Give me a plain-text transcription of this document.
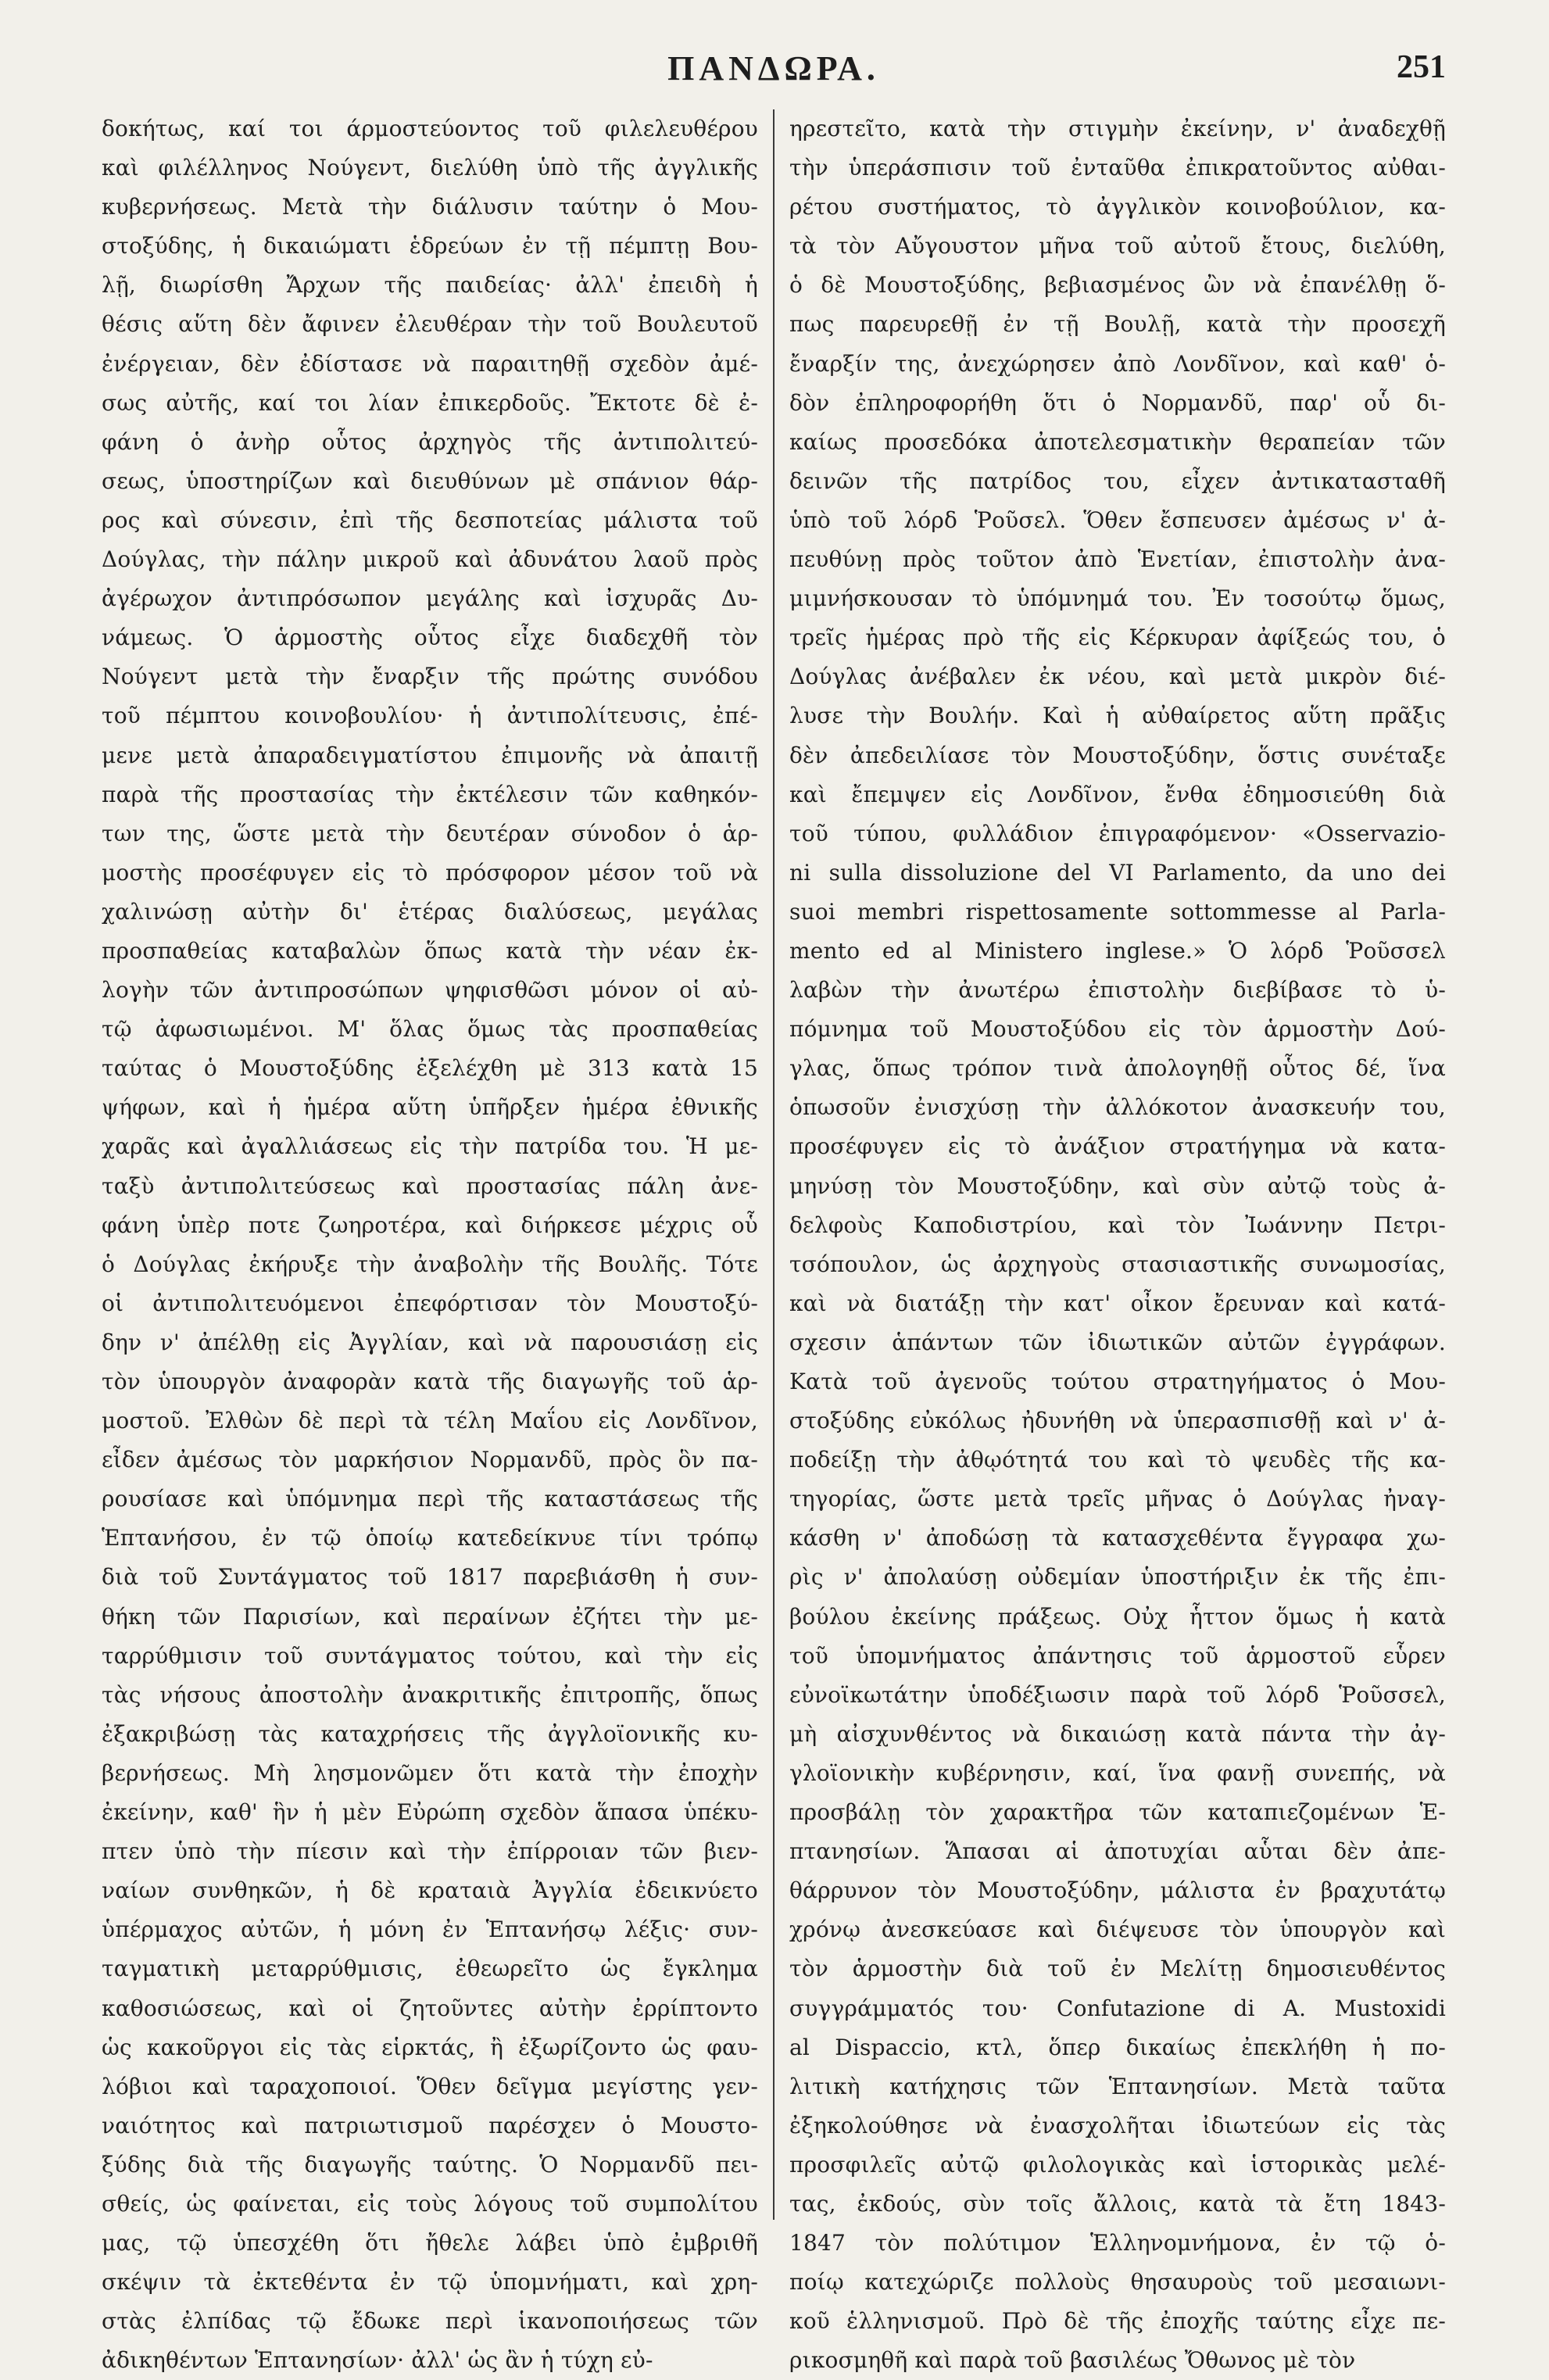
ΠΑΝΔΩΡΑ.	251
δοκήτως, καί τοι άρμοστεύοντος τοῦ φιλελευθέρου
καὶ φιλέλληνος Νούγεντ, διελύθη ὑπὸ τῆς ἀγγλικῆς
κυβερνήσεως. Μετὰ τὴν διάλυσιν ταύτην ὁ Μου-
στοξύδης, ἡ δικαιώματι ἑδρεύων ἐν τῇ πέμπτῃ Βου-
λῇ, διωρίσθη Ἄρχων τῆς παιδείας· ἀλλ' ἐπειδὴ ἡ
θέσις αὕτη δὲν ἄφινεν ἐλευθέραν τὴν τοῦ Βουλευτοῦ
ἐνέργειαν, δὲν ἐδίστασε νὰ παραιτηθῇ σχεδὸν ἀμέ-
σως αὐτῆς, καί τοι λίαν ἐπικερδοῦς. Ἔκτοτε δὲ ἐ-
φάνη ὁ ἀνὴρ οὗτος ἀρχηγὸς τῆς ἀντιπολιτεύ-
σεως, ὑποστηρίζων καὶ διευθύνων μὲ σπάνιον θάρ-
ρος καὶ σύνεσιν, ἐπὶ τῆς δεσποτείας μάλιστα τοῦ
Δούγλας, τὴν πάλην μικροῦ καὶ ἀδυνάτου λαοῦ πρὸς
ἀγέρωχον ἀντιπρόσωπον μεγάλης καὶ ἰσχυρᾶς Δυ-
νάμεως. Ὁ ἁρμοστὴς οὗτος εἶχε διαδεχθῆ τὸν
Νούγεντ μετὰ τὴν ἔναρξιν τῆς πρώτης συνόδου
τοῦ πέμπτου κοινοβουλίου· ἡ ἀντιπολίτευσις, ἐπέ-
μενε μετὰ ἀπαραδειγματίστου ἐπιμονῆς νὰ ἀπαιτῇ
παρὰ τῆς προστασίας τὴν ἐκτέλεσιν τῶν καθηκόν-
των της, ὥστε μετὰ τὴν δευτέραν σύνοδον ὁ ἁρ-
μοστὴς προσέφυγεν εἰς τὸ πρόσφορον μέσον τοῦ νὰ
χαλινώσῃ αὐτὴν δι' ἑτέρας διαλύσεως, μεγάλας
προσπαθείας καταβαλὼν ὅπως κατὰ τὴν νέαν ἐκ-
λογὴν τῶν ἀντιπροσώπων ψηφισθῶσι μόνον οἱ αὐ-
τῷ ἀφωσιωμένοι. Μ' ὅλας ὅμως τὰς προσπαθείας
ταύτας ὁ Μουστοξύδης ἐξελέχθη μὲ 313 κατὰ 15
ψήφων, καὶ ἡ ἡμέρα αὕτη ὑπῆρξεν ἡμέρα ἐθνικῆς
χαρᾶς καὶ ἀγαλλιάσεως εἰς τὴν πατρίδα του. Ἡ με-
ταξὺ ἀντιπολιτεύσεως καὶ προστασίας πάλη ἀνε-
φάνη ὑπὲρ ποτε ζωηροτέρα, καὶ διήρκεσε μέχρις οὗ
ὁ Δούγλας ἐκήρυξε τὴν ἀναβολὴν τῆς Βουλῆς. Τότε
οἱ ἀντιπολιτευόμενοι ἐπεφόρτισαν τὸν Μουστοξύ-
δην ν' ἀπέλθῃ εἰς Ἀγγλίαν, καὶ νὰ παρουσιάσῃ εἰς
τὸν ὑπουργὸν ἀναφορὰν κατὰ τῆς διαγωγῆς τοῦ ἁρ-
μοστοῦ. Ἐλθὼν δὲ περὶ τὰ τέλη Μαΐου εἰς Λονδῖνον,
εἶδεν ἀμέσως τὸν μαρκήσιον Νορμανδῦ, πρὸς ὃν πα-
ρουσίασε καὶ ὑπόμνημα περὶ τῆς καταστάσεως τῆς
Ἑπτανήσου, ἐν τῷ ὁποίῳ κατεδείκνυε τίνι τρόπῳ
διὰ τοῦ Συντάγματος τοῦ 1817 παρεβιάσθη ἡ συν-
θήκη τῶν Παρισίων, καὶ περαίνων ἐζήτει τὴν με-
ταρρύθμισιν τοῦ συντάγματος τούτου, καὶ τὴν εἰς
τὰς νήσους ἀποστολὴν ἀνακριτικῆς ἐπιτροπῆς, ὅπως
ἐξακριβώσῃ τὰς καταχρήσεις τῆς ἀγγλοϊονικῆς κυ-
βερνήσεως. Μὴ λησμονῶμεν ὅτι κατὰ τὴν ἐποχὴν
ἐκείνην, καθ' ἣν ἡ μὲν Εὐρώπη σχεδὸν ἅπασα ὑπέκυ-
πτεν ὑπὸ τὴν πίεσιν καὶ τὴν ἐπίρροιαν τῶν βιεν-
ναίων συνθηκῶν, ἡ δὲ κραταιὰ Ἀγγλία ἐδεικνύετο
ὑπέρμαχος αὐτῶν, ἡ μόνη ἐν Ἑπτανήσῳ λέξις· συν-
ταγματικὴ μεταρρύθμισις, ἐθεωρεῖτο ὡς ἔγκλημα
καθοσιώσεως, καὶ οἱ ζητοῦντες αὐτὴν ἐρρίπτοντο
ὡς κακοῦργοι εἰς τὰς εἱρκτάς, ἢ ἐξωρίζοντο ὡς φαυ-
λόβιοι καὶ ταραχοποιοί. Ὅθεν δεῖγμα μεγίστης γεν-
ναιότητος καὶ πατριωτισμοῦ παρέσχεν ὁ Μουστο-
ξύδης διὰ τῆς διαγωγῆς ταύτης. Ὁ Νορμανδῦ πει-
σθείς, ὡς φαίνεται, εἰς τοὺς λόγους τοῦ συμπολίτου
μας, τῷ ὑπεσχέθη ὅτι ἤθελε λάβει ὑπὸ ἐμβριθῆ
σκέψιν τὰ ἐκτεθέντα ἐν τῷ ὑπομνήματι, καὶ χρη-
στὰς ἐλπίδας τῷ ἔδωκε περὶ ἱκανοποιήσεως τῶν
ἀδικηθέντων Ἑπτανησίων· ἀλλ' ὡς ἂν ἡ τύχη εὐ-
ηρεστεῖτο, κατὰ τὴν στιγμὴν ἐκείνην, ν' ἀναδεχθῇ
τὴν ὑπεράσπισιν τοῦ ἐνταῦθα ἐπικρατοῦντος αὐθαι-
ρέτου συστήματος, τὸ ἀγγλικὸν κοινοβούλιον, κα-
τὰ τὸν Αὔγουστον μῆνα τοῦ αὐτοῦ ἔτους, διελύθη,
ὁ δὲ Μουστοξύδης, βεβιασμένος ὢν νὰ ἐπανέλθῃ ὅ-
πως παρευρεθῇ ἐν τῇ Βουλῇ, κατὰ τὴν προσεχῆ
ἔναρξίν της, ἀνεχώρησεν ἀπὸ Λονδῖνον, καὶ καθ' ὁ-
δὸν ἐπληροφορήθη ὅτι ὁ Νορμανδῦ, παρ' οὗ δι-
καίως προσεδόκα ἀποτελεσματικὴν θεραπείαν τῶν
δεινῶν τῆς πατρίδος του, εἶχεν ἀντικατασταθῆ
ὑπὸ τοῦ λόρδ Ῥοῦσελ. Ὅθεν ἔσπευσεν ἀμέσως ν' ἀ-
πευθύνῃ πρὸς τοῦτον ἀπὸ Ἑνετίαν, ἐπιστολὴν ἀνα-
μιμνήσκουσαν τὸ ὑπόμνημά του. Ἐν τοσούτῳ ὅμως,
τρεῖς ἡμέρας πρὸ τῆς εἰς Κέρκυραν ἀφίξεώς του, ὁ
Δούγλας ἀνέβαλεν ἐκ νέου, καὶ μετὰ μικρὸν διέ-
λυσε τὴν Βουλήν. Καὶ ἡ αὐθαίρετος αὕτη πρᾶξις
δὲν ἀπεδειλίασε τὸν Μουστοξύδην, ὅστις συνέταξε
καὶ ἔπεμψεν εἰς Λονδῖνον, ἔνθα ἐδημοσιεύθη διὰ
τοῦ τύπου, φυλλάδιον ἐπιγραφόμενον· «Osservazio-
ni sulla dissoluzione del VI Parlamento, da uno dei
suoi membri rispettosamente sottommesse al Parla-
mento ed al Ministero inglese.» Ὁ λόρδ Ῥοῦσσελ
λαβὼν τὴν ἀνωτέρω ἐπιστολὴν διεβίβασε τὸ ὑ-
πόμνημα τοῦ Μουστοξύδου εἰς τὸν ἁρμοστὴν Δού-
γλας, ὅπως τρόπον τινὰ ἀπολογηθῇ οὗτος δέ, ἵνα
ὁπωσοῦν ἐνισχύσῃ τὴν ἀλλόκοτον ἀνασκευήν του,
προσέφυγεν εἰς τὸ ἀνάξιον στρατήγημα νὰ κατα-
μηνύσῃ τὸν Μουστοξύδην, καὶ σὺν αὐτῷ τοὺς ἀ-
δελφοὺς Καποδιστρίου, καὶ τὸν Ἰωάννην Πετρι-
τσόπουλον, ὡς ἀρχηγοὺς στασιαστικῆς συνωμοσίας,
καὶ νὰ διατάξῃ τὴν κατ' οἶκον ἔρευναν καὶ κατά-
σχεσιν ἁπάντων τῶν ἰδιωτικῶν αὐτῶν ἐγγράφων.
Κατὰ τοῦ ἀγενοῦς τούτου στρατηγήματος ὁ Μου-
στοξύδης εὐκόλως ἠδυνήθη νὰ ὑπερασπισθῇ καὶ ν' ἀ-
ποδείξῃ τὴν ἀθῳότητά του καὶ τὸ ψευδὲς τῆς κα-
τηγορίας, ὥστε μετὰ τρεῖς μῆνας ὁ Δούγλας ἠναγ-
κάσθη ν' ἀποδώσῃ τὰ κατασχεθέντα ἔγγραφα χω-
ρὶς ν' ἀπολαύσῃ οὐδεμίαν ὑποστήριξιν ἐκ τῆς ἐπι-
βούλου ἐκείνης πράξεως. Οὐχ ἧττον ὅμως ἡ κατὰ
τοῦ ὑπομνήματος ἀπάντησις τοῦ ἁρμοστοῦ εὗρεν
εὐνοϊκωτάτην ὑποδέξιωσιν παρὰ τοῦ λόρδ Ῥοῦσσελ,
μὴ αἰσχυνθέντος νὰ δικαιώσῃ κατὰ πάντα τὴν ἀγ-
γλοϊονικὴν κυβέρνησιν, καί, ἵνα φανῇ συνεπής, νὰ
προσβάλῃ τὸν χαρακτῆρα τῶν καταπιεζομένων Ἑ-
πτανησίων. Ἅπασαι αἱ ἀποτυχίαι αὗται δὲν ἀπε-
θάρρυνον τὸν Μουστοξύδην, μάλιστα ἐν βραχυτάτῳ
χρόνῳ ἀνεσκεύασε καὶ διέψευσε τὸν ὑπουργὸν καὶ
τὸν ἁρμοστὴν διὰ τοῦ ἐν Μελίτῃ δημοσιευθέντος
συγγράμματός του· Confutazione di A. Mustoxidi
al Dispaccio, κτλ, ὅπερ δικαίως ἐπεκλήθη ἡ πο-
λιτικὴ κατήχησις τῶν Ἑπτανησίων. Μετὰ ταῦτα
ἐξηκολούθησε νὰ ἐνασχολῆται ἰδιωτεύων εἰς τὰς
προσφιλεῖς αὐτῷ φιλολογικὰς καὶ ἱστορικὰς μελέ-
τας, ἐκδούς, σὺν τοῖς ἄλλοις, κατὰ τὰ ἔτη 1843-
1847 τὸν πολύτιμον Ἑλληνομνήμονα, ἐν τῷ ὁ-
ποίῳ κατεχώριζε πολλοὺς θησαυροὺς τοῦ μεσαιωνι-
κοῦ ἑλληνισμοῦ. Πρὸ δὲ τῆς ἐποχῆς ταύτης εἶχε πε-
ρικοσμηθῆ καὶ παρὰ τοῦ βασιλέως Ὄθωνος μὲ τὸν
